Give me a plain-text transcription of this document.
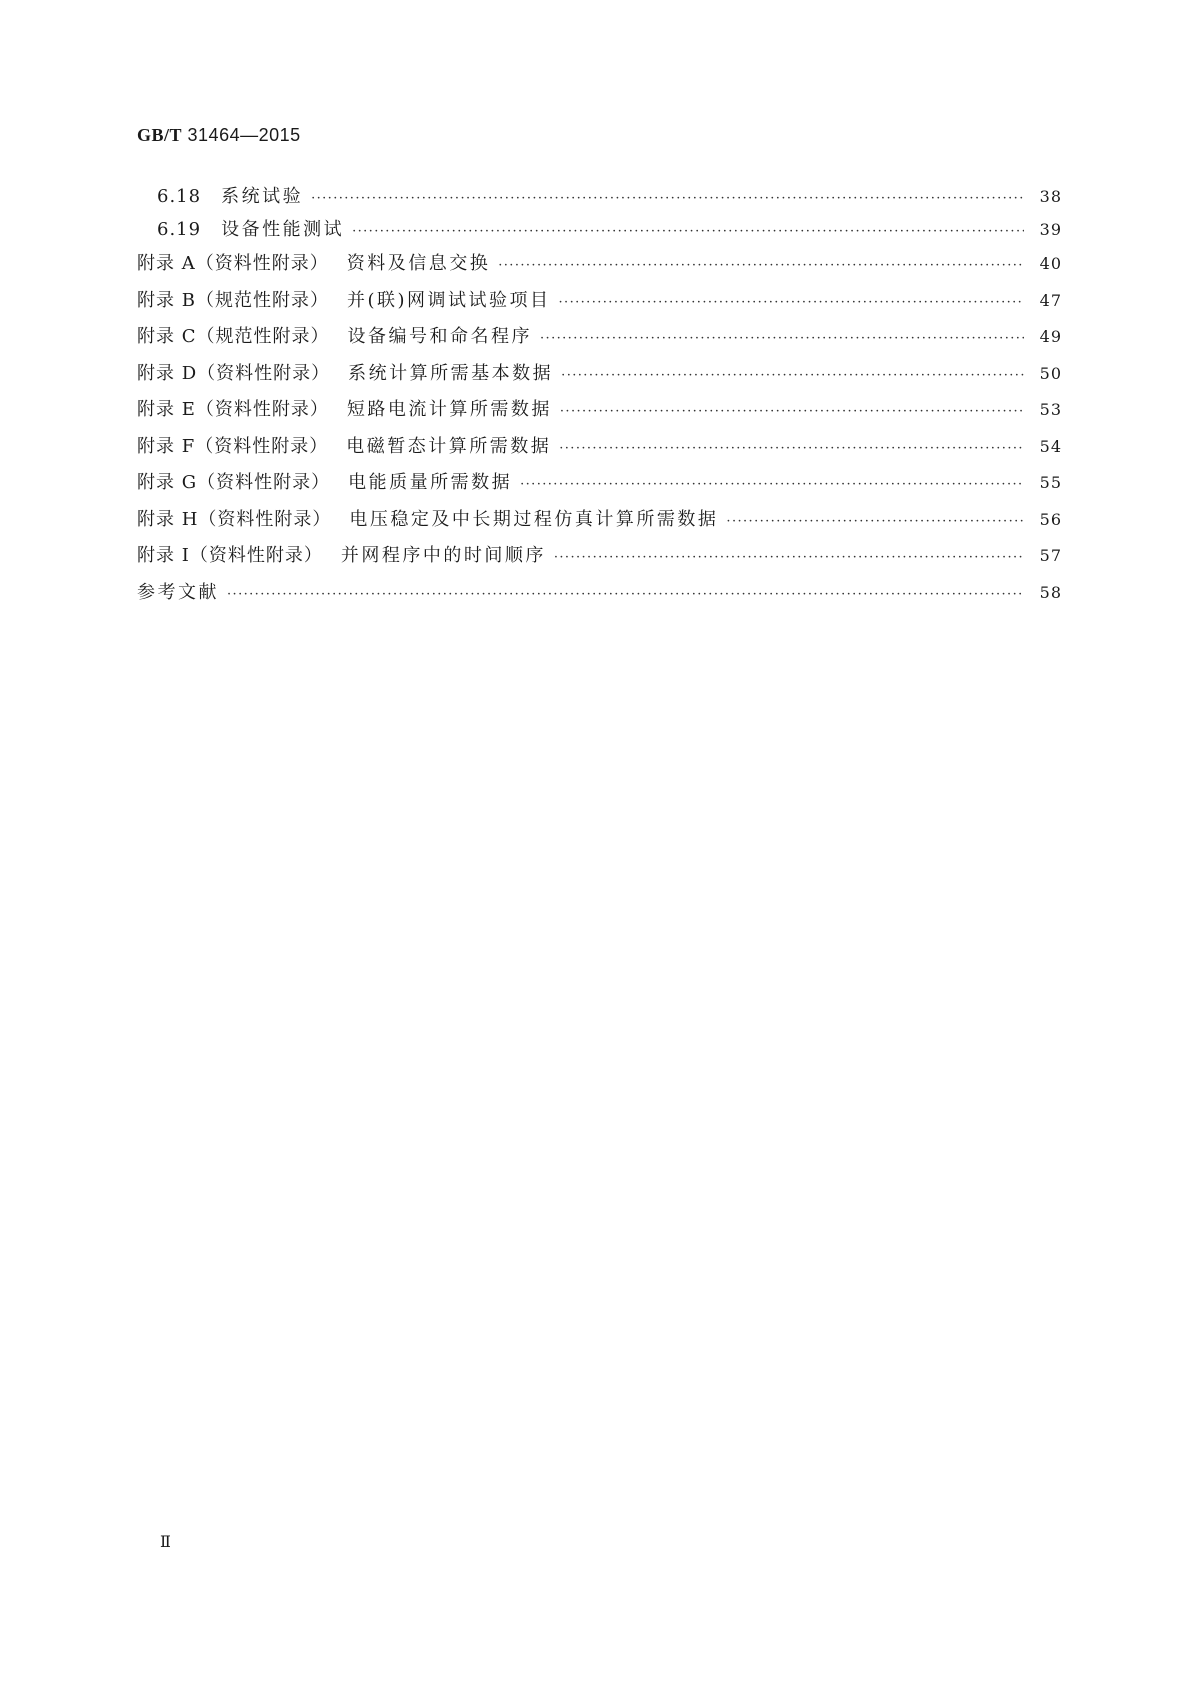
GB/T 31464—2015
6.18 系统试验 ·····	38
6.19 设备性能测试 ·····	39
附录 A（资料性附录） 资料及信息交换 ·····	40
附录 B（规范性附录） 并(联)网调试试验项目 ·····	47
附录 C（规范性附录） 设备编号和命名程序 ·····	49
附录 D（资料性附录） 系统计算所需基本数据 ·····	50
附录 E（资料性附录） 短路电流计算所需数据 ·····	53
附录 F（资料性附录） 电磁暂态计算所需数据 ·····	54
附录 G（资料性附录） 电能质量所需数据 ·····	55
附录 H（资料性附录） 电压稳定及中长期过程仿真计算所需数据 ·····	56
附录 I（资料性附录） 并网程序中的时间顺序 ·····	57
参考文献 ·····	58
Ⅱ
